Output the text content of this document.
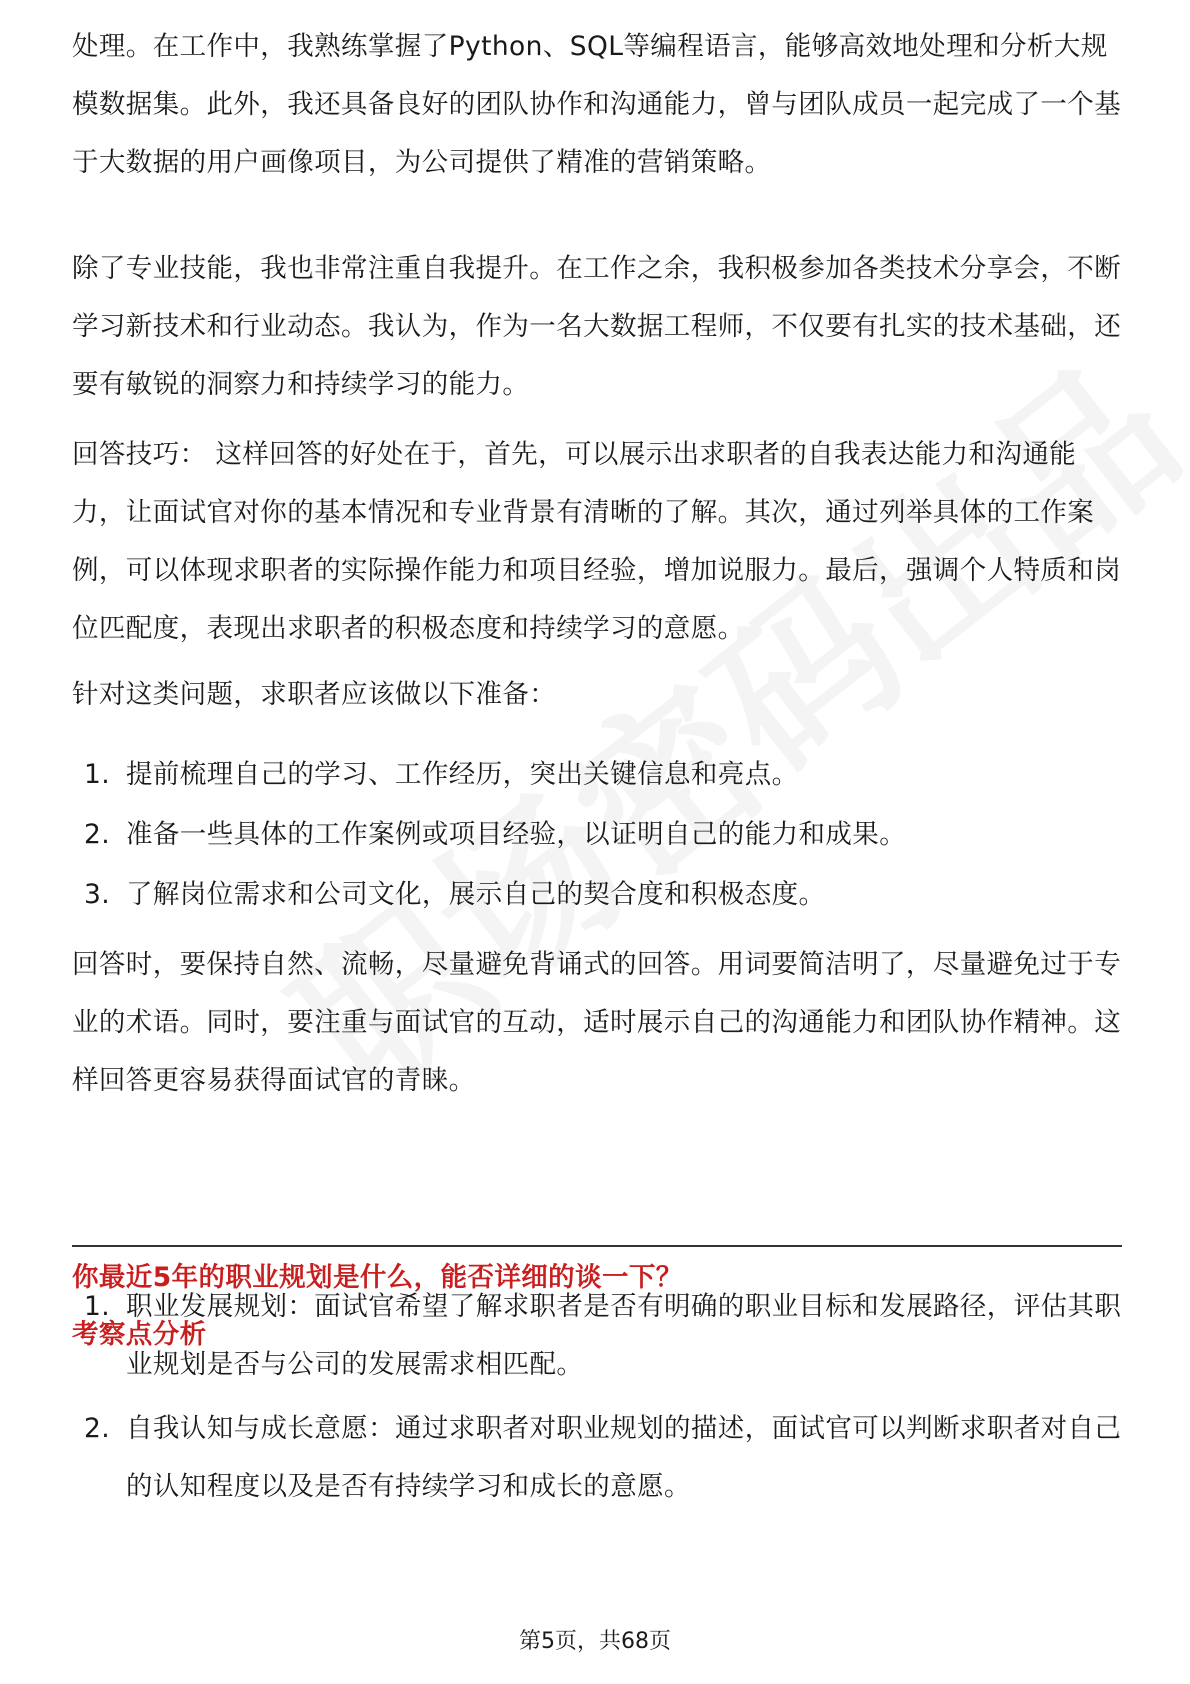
处理。在工作中，我熟练掌握了Python、SQL等编程语言，能够高效地处理和分析大规模数据集。此外，我还具备良好的团队协作和沟通能力，曾与团队成员一起完成了一个基于大数据的用户画像项目，为公司提供了精准的营销策略。

除了专业技能，我也非常注重自我提升。在工作之余，我积极参加各类技术分享会，不断学习新技术和行业动态。我认为，作为一名大数据工程师，不仅要有扎实的技术基础，还要有敏锐的洞察力和持续学习的能力。

回答技巧： 这样回答的好处在于，首先，可以展示出求职者的自我表达能力和沟通能力，让面试官对你的基本情况和专业背景有清晰的了解。其次，通过列举具体的工作案例，可以体现求职者的实际操作能力和项目经验，增加说服力。最后，强调个人特质和岗位匹配度，表现出求职者的积极态度和持续学习的意愿。

针对这类问题，求职者应该做以下准备：

1. 提前梳理自己的学习、工作经历，突出关键信息和亮点。
2. 准备一些具体的工作案例或项目经验，以证明自己的能力和成果。
3. 了解岗位需求和公司文化，展示自己的契合度和积极态度。

回答时，要保持自然、流畅，尽量避免背诵式的回答。用词要简洁明了，尽量避免过于专业的术语。同时，要注重与面试官的互动，适时展示自己的沟通能力和团队协作精神。这样回答更容易获得面试官的青睐。

你最近5年的职业规划是什么，能否详细的谈一下？
考察点分析
1. 职业发展规划：面试官希望了解求职者是否有明确的职业目标和发展路径，评估其职业规划是否与公司的发展需求相匹配。
2. 自我认知与成长意愿：通过求职者对职业规划的描述，面试官可以判断求职者对自己的认知程度以及是否有持续学习和成长的意愿。
第5页，共68页
